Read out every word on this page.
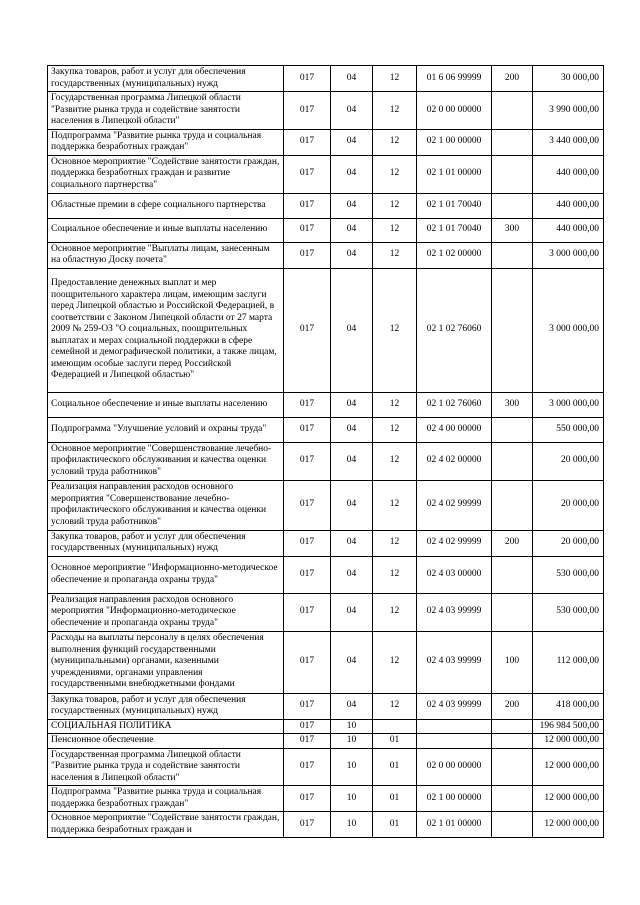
Закупка товаров, работ и услуг для обеспечения государственных (муниципальных) нужд	017	04	12	01 6 06 99999	200	30 000,00
Государственная программа Липецкой области "Развитие рынка труда и содействие занятости населения в Липецкой области"	017	04	12	02 0 00 00000		3 990 000,00
Подпрограмма "Развитие рынка труда и социальная поддержка безработных граждан"	017	04	12	02 1 00 00000		3 440 000,00
Основное мероприятие "Содействие занятости граждан, поддержка безработных граждан и развитие социального партнерства"	017	04	12	02 1 01 00000		440 000,00
Областные премии в сфере социального партнерства	017	04	12	02 1 01 70040		440 000,00
Социальное обеспечение и иные выплаты населению	017	04	12	02 1 01 70040	300	440 000,00
Основное мероприятие "Выплаты лицам, занесенным на областную Доску почета"	017	04	12	02 1 02 00000		3 000 000,00
Предоставление денежных выплат и мер поощрительного характера лицам, имеющим заслуги перед Липецкой областью и Российской Федерацией, в соответствии с Законом Липецкой области от 27 марта 2009 № 259-ОЗ "О социальных, поощрительных выплатах и мерах социальной поддержки в сфере семейной и демографической политики, а также лицам, имеющим особые заслуги перед Российской Федерацией и Липецкой областью"	017	04	12	02 1 02 76060		3 000 000,00
Социальное обеспечение и иные выплаты населению	017	04	12	02 1 02 76060	300	3 000 000,00
Подпрограмма "Улучшение условий и охраны труда"	017	04	12	02 4 00 00000		550 000,00
Основное мероприятие "Совершенствование лечебно-профилактического обслуживания и качества оценки условий труда работников"	017	04	12	02 4 02 00000		20 000,00
Реализация направления расходов основного мероприятия "Совершенствование лечебно-профилактического обслуживания и качества оценки условий труда работников"	017	04	12	02 4 02 99999		20 000,00
Закупка товаров, работ и услуг для обеспечения государственных (муниципальных) нужд	017	04	12	02 4 02 99999	200	20 000,00
Основное мероприятие "Информационно-методическое обеспечение и пропаганда охраны труда"	017	04	12	02 4 03 00000		530 000,00
Реализация направления расходов основного мероприятия "Информационно-методическое обеспечение и пропаганда охраны труда"	017	04	12	02 4 03 99999		530 000,00
Расходы на выплаты персоналу в целях обеспечения выполнения функций государственными (муниципальными) органами, казенными учреждениями, органами управления государственными внебюджетными фондами	017	04	12	02 4 03 99999	100	112 000,00
Закупка товаров, работ и услуг для обеспечения государственных (муниципальных) нужд	017	04	12	02 4 03 99999	200	418 000,00
СОЦИАЛЬНАЯ ПОЛИТИКА	017	10				196 984 500,00
Пенсионное обеспечение	017	10	01			12 000 000,00
Государственная программа Липецкой области "Развитие рынка труда и содействие занятости населения в Липецкой области"	017	10	01	02 0 00 00000		12 000 000,00
Подпрограмма "Развитие рынка труда и социальная поддержка безработных граждан"	017	10	01	02 1 00 00000		12 000 000,00
Основное мероприятие "Содействие занятости граждан, поддержка безработных граждан и	017	10	01	02 1 01 00000		12 000 000,00
